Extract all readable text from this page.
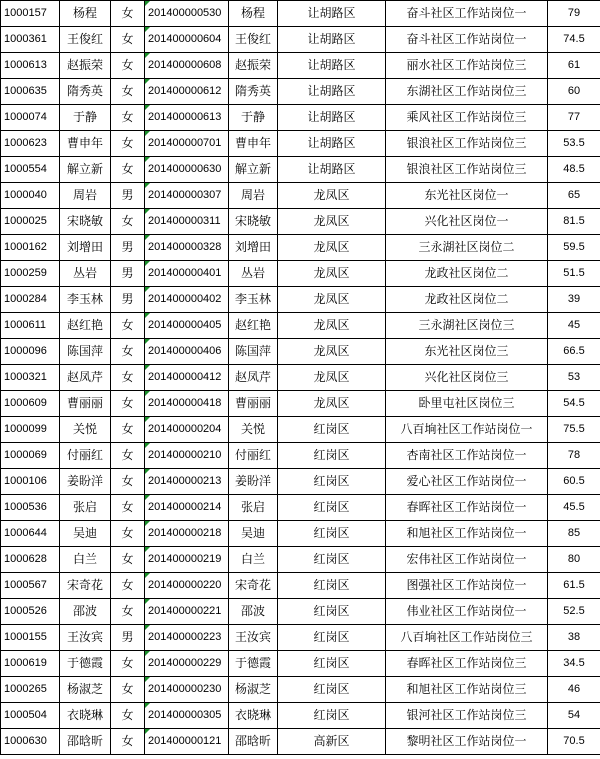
1000157	杨程	女	201400000530	杨程	让胡路区	奋斗社区工作站岗位一	79
1000361	王俊红	女	201400000604	王俊红	让胡路区	奋斗社区工作站岗位一	74.5
1000613	赵振荣	女	201400000608	赵振荣	让胡路区	丽水社区工作站岗位三	61
1000635	隋秀英	女	201400000612	隋秀英	让胡路区	东湖社区工作站岗位三	60
1000074	于静	女	201400000613	于静	让胡路区	乘风社区工作站岗位三	77
1000623	曹申年	女	201400000701	曹申年	让胡路区	银浪社区工作站岗位三	53.5
1000554	解立新	女	201400000630	解立新	让胡路区	银浪社区工作站岗位三	48.5
1000040	周岩	男	201400000307	周岩	龙凤区	东光社区岗位一	65
1000025	宋晓敏	女	201400000311	宋晓敏	龙凤区	兴化社区岗位一	81.5
1000162	刘增田	男	201400000328	刘增田	龙凤区	三永湖社区岗位二	59.5
1000259	丛岩	男	201400000401	丛岩	龙凤区	龙政社区岗位二	51.5
1000284	李玉林	男	201400000402	李玉林	龙凤区	龙政社区岗位二	39
1000611	赵红艳	女	201400000405	赵红艳	龙凤区	三永湖社区岗位三	45
1000096	陈国萍	女	201400000406	陈国萍	龙凤区	东光社区岗位三	66.5
1000321	赵凤芹	女	201400000412	赵凤芹	龙凤区	兴化社区岗位三	53
1000609	曹丽丽	女	201400000418	曹丽丽	龙凤区	卧里屯社区岗位三	54.5
1000099	关悦	女	201400000204	关悦	红岗区	八百垧社区工作站岗位一	75.5
1000069	付丽红	女	201400000210	付丽红	红岗区	杏南社区工作站岗位一	78
1000106	姜盼洋	女	201400000213	姜盼洋	红岗区	爱心社区工作站岗位一	60.5
1000536	张启	女	201400000214	张启	红岗区	春晖社区工作站岗位一	45.5
1000644	吴迪	女	201400000218	吴迪	红岗区	和旭社区工作站岗位一	85
1000628	白兰	女	201400000219	白兰	红岗区	宏伟社区工作站岗位一	80
1000567	宋奇花	女	201400000220	宋奇花	红岗区	图强社区工作站岗位一	61.5
1000526	邵波	女	201400000221	邵波	红岗区	伟业社区工作站岗位一	52.5
1000155	王汝宾	男	201400000223	王汝宾	红岗区	八百垧社区工作站岗位三	38
1000619	于德霞	女	201400000229	于德霞	红岗区	春晖社区工作站岗位三	34.5
1000265	杨淑芝	女	201400000230	杨淑芝	红岗区	和旭社区工作站岗位三	46
1000504	衣晓琳	女	201400000305	衣晓琳	红岗区	银河社区工作站岗位三	54
1000630	邵晗昕	女	201400000121	邵晗昕	高新区	黎明社区工作站岗位一	70.5
